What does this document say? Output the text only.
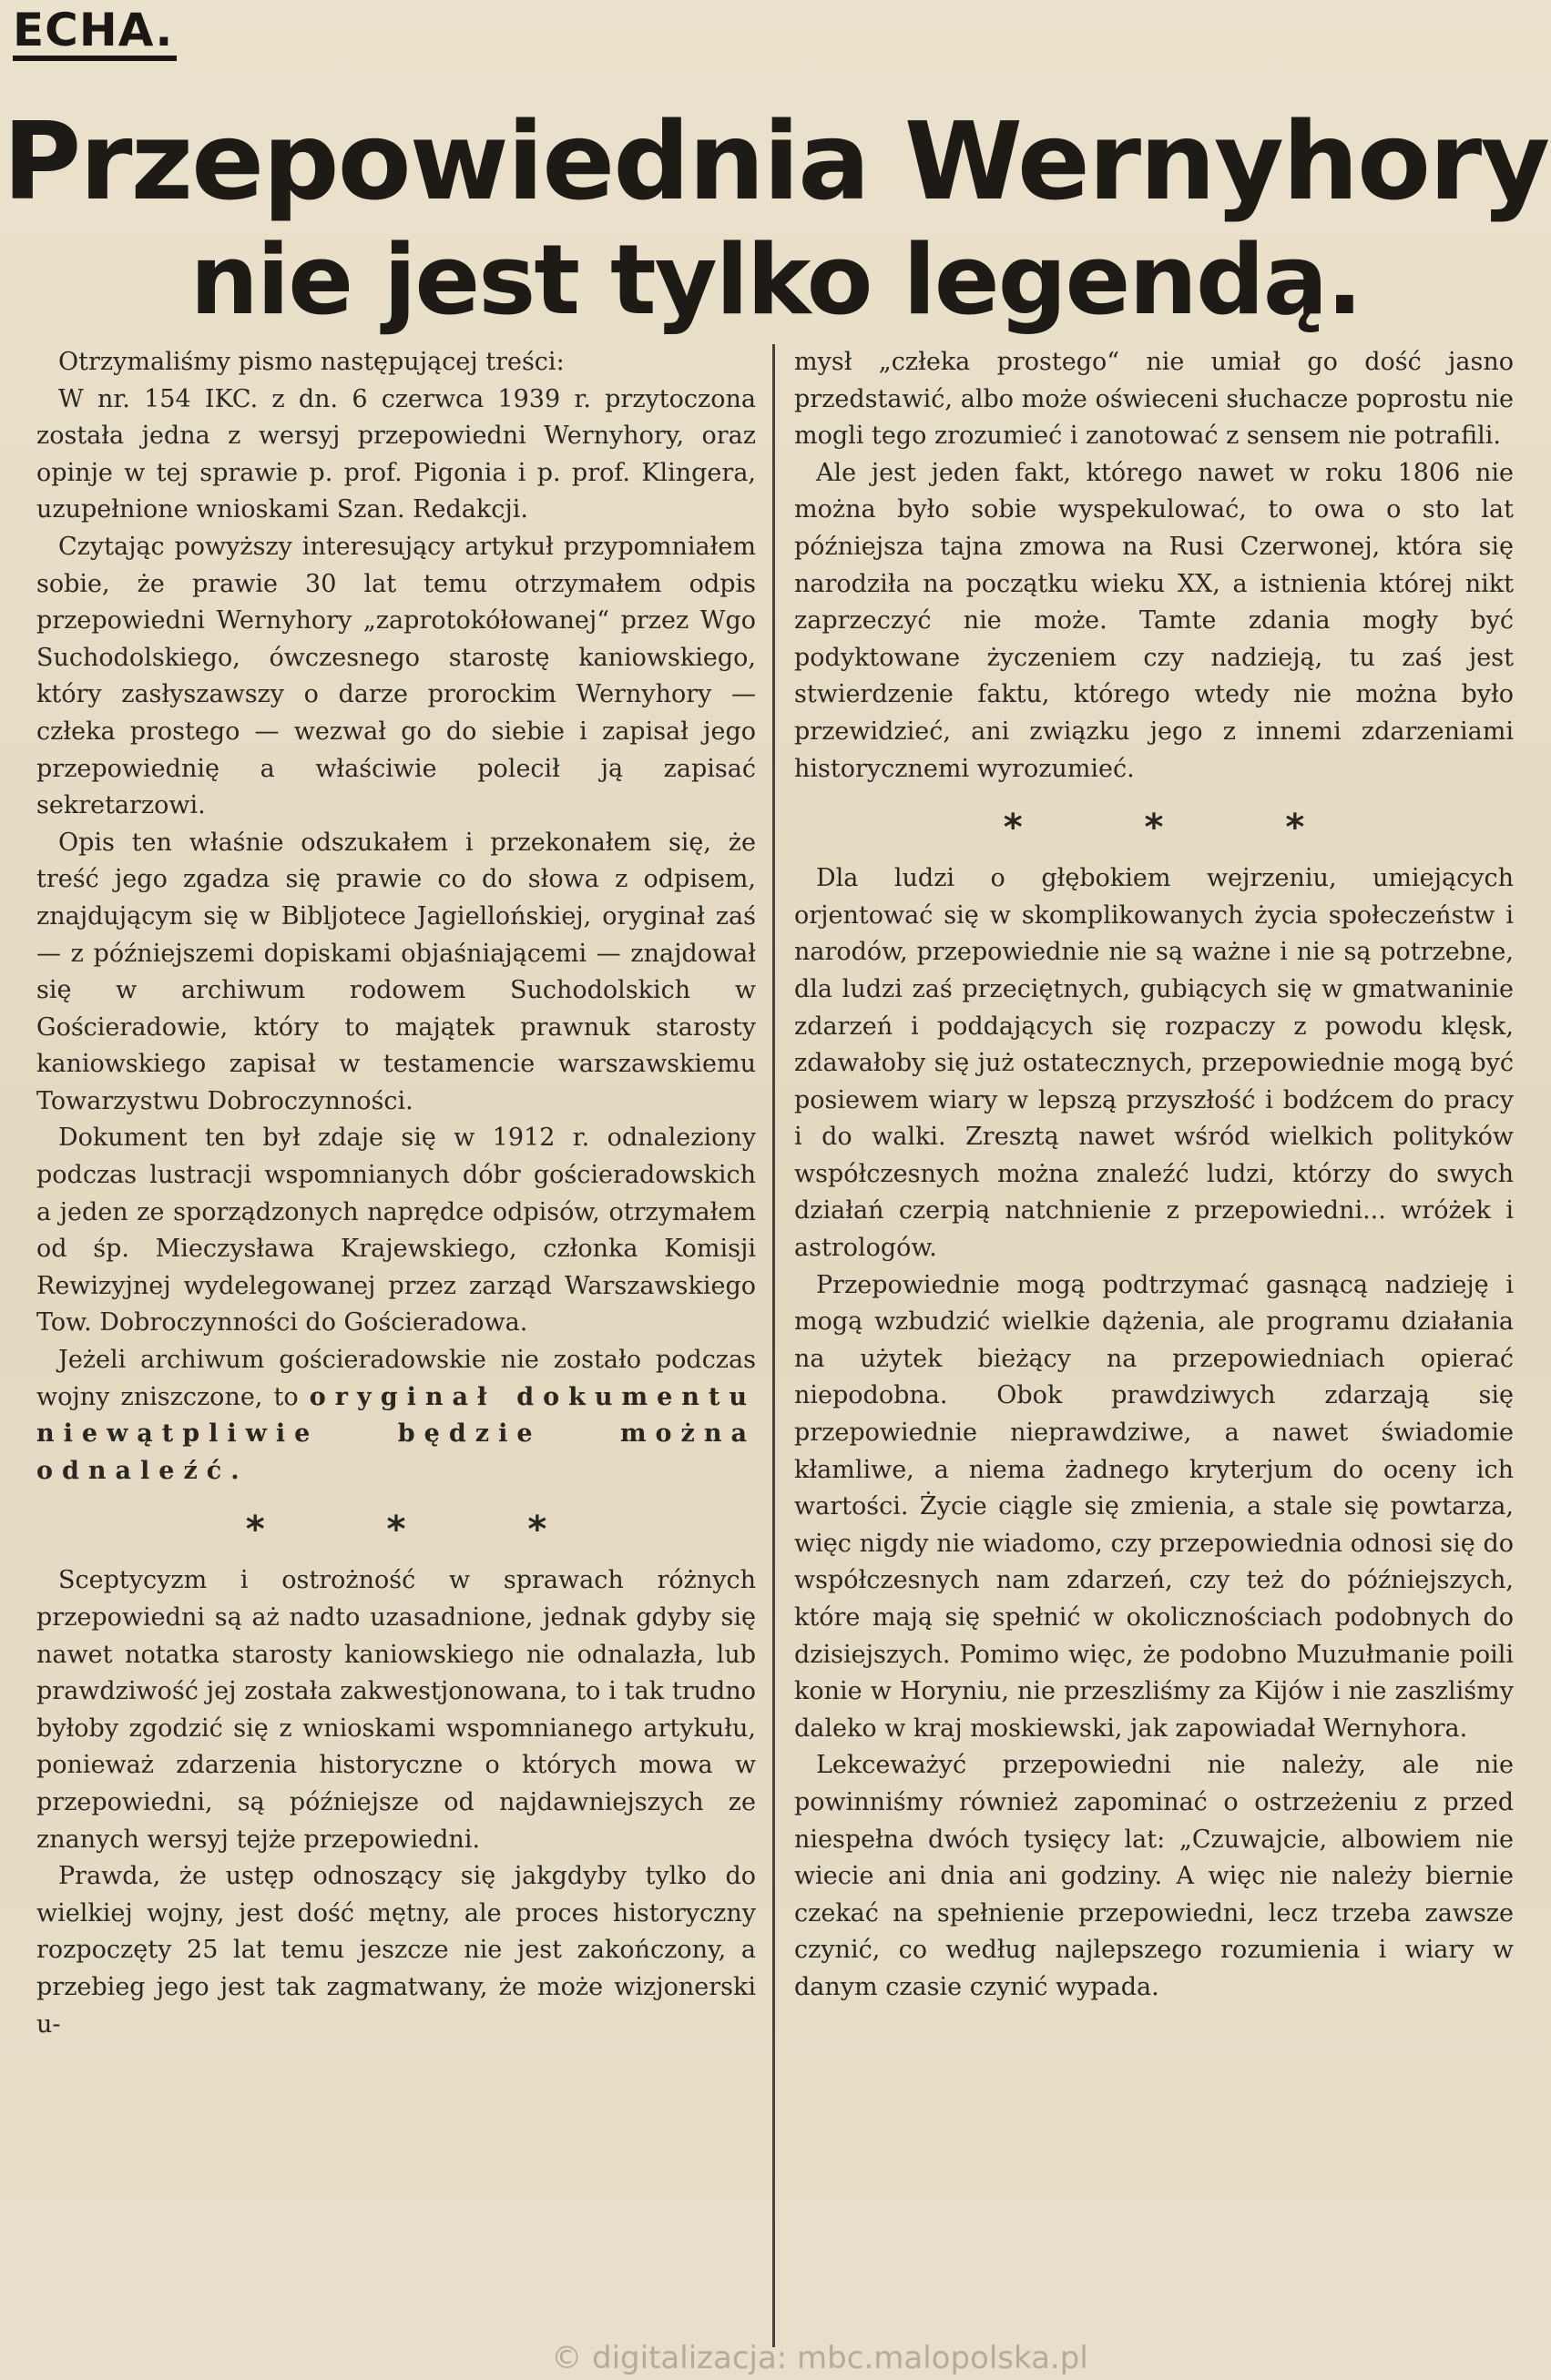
ECHA.
Przepowiednia Wernyhory
nie jest tylko legendą.

Otrzymaliśmy pismo następującej treści:

W nr. 154 IKC. z dn. 6 czerwca 1939 r. przytoczona została jedna z wersyj przepowiedni Wernyhory, oraz opinje w tej sprawie p. prof. Pigonia i p. prof. Klingera, uzupełnione wnioskami Szan. Redakcji.

Czytając powyższy interesujący artykuł przypomniałem sobie, że prawie 30 lat temu otrzymałem odpis przepowiedni Wernyhory „zaprotokółowanej“ przez Wgo Suchodolskiego, ówczesnego starostę kaniowskiego, który zasłyszawszy o darze prorockim Wernyhory — człeka prostego — wezwał go do siebie i zapisał jego przepowiednię a właściwie polecił ją zapisać sekretarzowi.

Opis ten właśnie odszukałem i przekonałem się, że treść jego zgadza się prawie co do słowa z odpisem, znajdującym się w Bibljotece Jagiellońskiej, oryginał zaś — z późniejszemi dopiskami objaśniającemi — znajdował się w archiwum rodowem Suchodolskich w Gościeradowie, który to majątek prawnuk starosty kaniowskiego zapisał w testamencie warszawskiemu Towarzystwu Dobroczynności.

Dokument ten był zdaje się w 1912 r. odnaleziony podczas lustracji wspomnianych dóbr gościeradowskich a jeden ze sporządzonych naprędce odpisów, otrzymałem od śp. Mieczysława Krajewskiego, członka Komisji Rewizyjnej wydelegowanej przez zarząd Warszawskiego Tow. Dobroczynności do Gościeradowa.

Jeżeli archiwum gościeradowskie nie zostało podczas wojny zniszczone, to oryginał dokumentu niewątpliwie będzie można odnaleźć.

* * *

Sceptycyzm i ostrożność w sprawach różnych przepowiedni są aż nadto uzasadnione, jednak gdyby się nawet notatka starosty kaniowskiego nie odnalazła, lub prawdziwość jej została zakwestjonowana, to i tak trudno byłoby zgodzić się z wnioskami wspomnianego artykułu, ponieważ zdarzenia historyczne o których mowa w przepowiedni, są późniejsze od najdawniejszych ze znanych wersyj tejże przepowiedni.

Prawda, że ustęp odnoszący się jakgdyby tylko do wielkiej wojny, jest dość mętny, ale proces historyczny rozpoczęty 25 lat temu jeszcze nie jest zakończony, a przebieg jego jest tak zagmatwany, że może wizjonerski u-

mysł „człeka prostego“ nie umiał go dość jasno przedstawić, albo może oświeceni słuchacze poprostu nie mogli tego zrozumieć i zanotować z sensem nie potrafili.

Ale jest jeden fakt, którego nawet w roku 1806 nie można było sobie wyspekulować, to owa o sto lat późniejsza tajna zmowa na Rusi Czerwonej, która się narodziła na początku wieku XX, a istnienia której nikt zaprzeczyć nie może. Tamte zdania mogły być podyktowane życzeniem czy nadzieją, tu zaś jest stwierdzenie faktu, którego wtedy nie można było przewidzieć, ani związku jego z innemi zdarzeniami historycznemi wyrozumieć.

* * *

Dla ludzi o głębokiem wejrzeniu, umiejących orjentować się w skomplikowanych życia społeczeństw i narodów, przepowiednie nie są ważne i nie są potrzebne, dla ludzi zaś przeciętnych, gubiących się w gmatwaninie zdarzeń i poddających się rozpaczy z powodu klęsk, zdawałoby się już ostatecznych, przepowiednie mogą być posiewem wiary w lepszą przyszłość i bodźcem do pracy i do walki. Zresztą nawet wśród wielkich polityków współczesnych można znaleźć ludzi, którzy do swych działań czerpią natchnienie z przepowiedni... wróżek i astrologów.

Przepowiednie mogą podtrzymać gasnącą nadzieję i mogą wzbudzić wielkie dążenia, ale programu działania na użytek bieżący na przepowiedniach opierać niepodobna. Obok prawdziwych zdarzają się przepowiednie nieprawdziwe, a nawet świadomie kłamliwe, a niema żadnego kryterjum do oceny ich wartości. Życie ciągle się zmienia, a stale się powtarza, więc nigdy nie wiadomo, czy przepowiednia odnosi się do współczesnych nam zdarzeń, czy też do późniejszych, które mają się spełnić w okolicznościach podobnych do dzisiejszych. Pomimo więc, że podobno Muzułmanie poili konie w Horyniu, nie przeszliśmy za Kijów i nie zaszliśmy daleko w kraj moskiewski, jak zapowiadał Wernyhora.

Lekceważyć przepowiedni nie należy, ale nie powinniśmy również zapominać o ostrzeżeniu z przed niespełna dwóch tysięcy lat: „Czuwajcie, albowiem nie wiecie ani dnia ani godziny. A więc nie należy biernie czekać na spełnienie przepowiedni, lecz trzeba zawsze czynić, co według najlepszego rozumienia i wiary w danym czasie czynić wypada.

© digitalizacja: mbc.malopolska.pl
